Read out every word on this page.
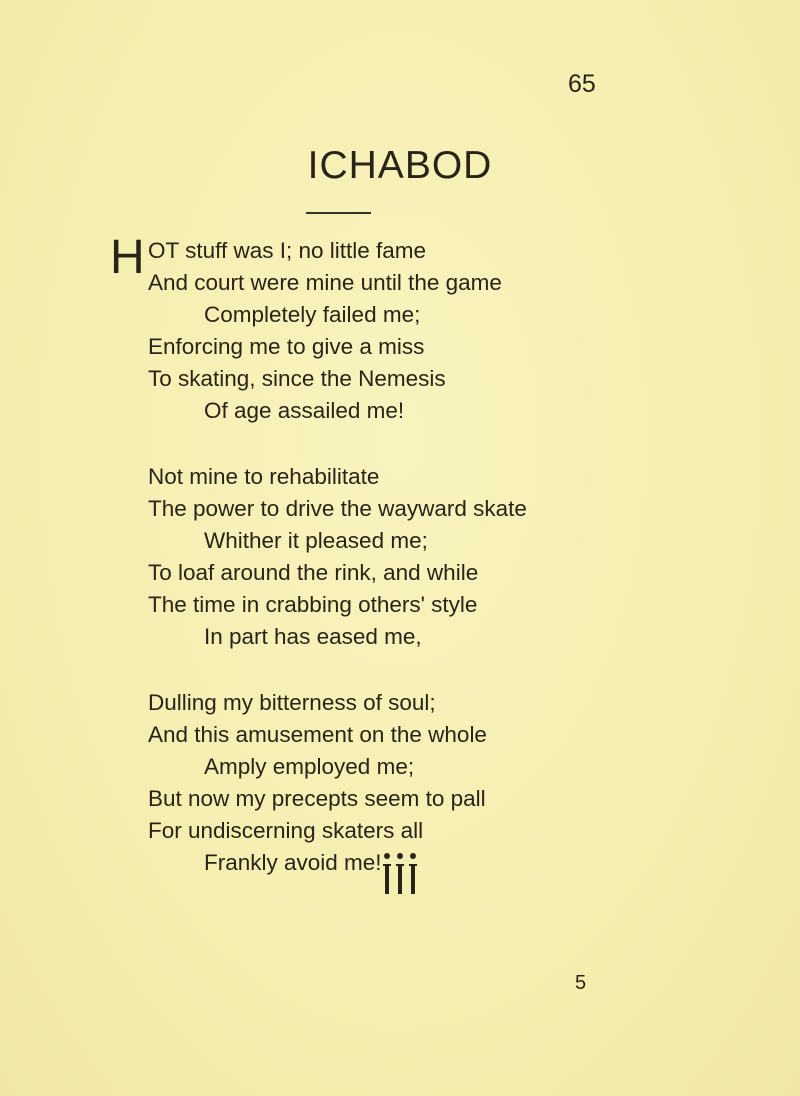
65
ICHABOD
H OT stuff was I; no little fame
And court were mine until the game
Completely failed me;
Enforcing me to give a miss
To skating, since the Nemesis
Of age assailed me!
Not mine to rehabilitate
The power to drive the wayward skate
Whither it pleased me;
To loaf around the rink, and while
The time in crabbing others' style
In part has eased me,
Dulling my bitterness of soul;
And this amusement on the whole
Amply employed me;
But now my precepts seem to pall
For undiscerning skaters all
Frankly avoid me!
5
